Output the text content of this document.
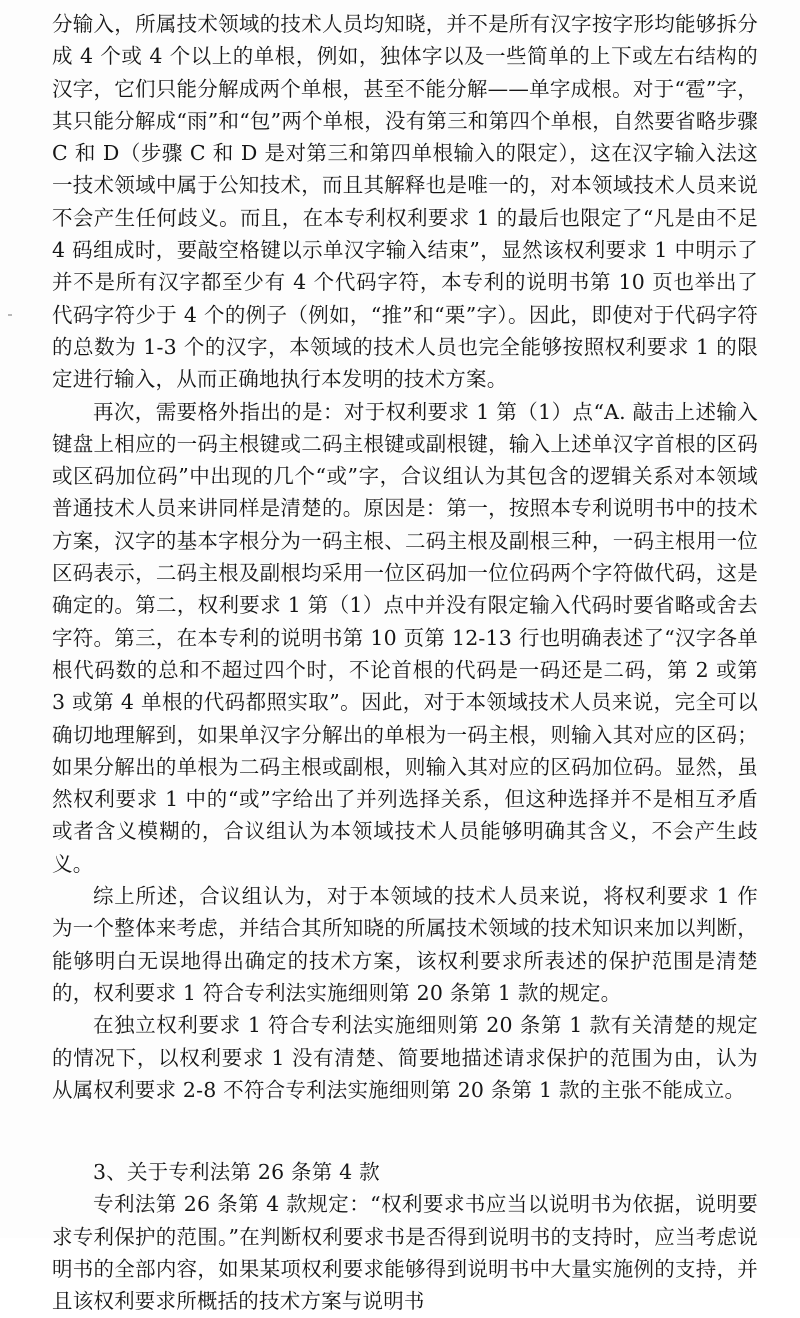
分输入，所属技术领域的技术人员均知晓，并不是所有汉字按字形均能够拆分成 4 个或 4 个以上的单根，例如，独体字以及一些简单的上下或左右结构的汉字，它们只能分解成两个单根，甚至不能分解——单字成根。对于“雹”字，其只能分解成“雨”和“包”两个单根，没有第三和第四个单根，自然要省略步骤 C 和 D（步骤 C 和 D 是对第三和第四单根输入的限定），这在汉字输入法这一技术领域中属于公知技术，而且其解释也是唯一的，对本领域技术人员来说不会产生任何歧义。而且，在本专利权利要求 1 的最后也限定了“凡是由不足 4 码组成时，要敲空格键以示单汉字输入结束”，显然该权利要求 1 中明示了并不是所有汉字都至少有 4 个代码字符，本专利的说明书第 10 页也举出了代码字符少于 4 个的例子（例如，“推”和“栗”字）。因此，即使对于代码字符的总数为 1-3 个的汉字，本领域的技术人员也完全能够按照权利要求 1 的限定进行输入，从而正确地执行本发明的技术方案。

再次，需要格外指出的是：对于权利要求 1 第（1）点“A. 敲击上述输入键盘上相应的一码主根键或二码主根键或副根键，输入上述单汉字首根的区码或区码加位码”中出现的几个“或”字，合议组认为其包含的逻辑关系对本领域普通技术人员来讲同样是清楚的。原因是：第一，按照本专利说明书中的技术方案，汉字的基本字根分为一码主根、二码主根及副根三种，一码主根用一位区码表示，二码主根及副根均采用一位区码加一位位码两个字符做代码，这是确定的。第二，权利要求 1 第（1）点中并没有限定输入代码时要省略或舍去字符。第三，在本专利的说明书第 10 页第 12-13 行也明确表述了“汉字各单根代码数的总和不超过四个时，不论首根的代码是一码还是二码，第 2 或第 3 或第 4 单根的代码都照实取”。因此，对于本领域技术人员来说，完全可以确切地理解到，如果单汉字分解出的单根为一码主根，则输入其对应的区码；如果分解出的单根为二码主根或副根，则输入其对应的区码加位码。显然，虽然权利要求 1 中的“或”字给出了并列选择关系，但这种选择并不是相互矛盾或者含义模糊的，合议组认为本领域技术人员能够明确其含义，不会产生歧义。

综上所述，合议组认为，对于本领域的技术人员来说，将权利要求 1 作为一个整体来考虑，并结合其所知晓的所属技术领域的技术知识来加以判断，能够明白无误地得出确定的技术方案，该权利要求所表述的保护范围是清楚的，权利要求 1 符合专利法实施细则第 20 条第 1 款的规定。

在独立权利要求 1 符合专利法实施细则第 20 条第 1 款有关清楚的规定的情况下，以权利要求 1 没有清楚、简要地描述请求保护的范围为由，认为从属权利要求 2-8 不符合专利法实施细则第 20 条第 1 款的主张不能成立。

3、关于专利法第 26 条第 4 款

专利法第 26 条第 4 款规定：“权利要求书应当以说明书为依据，说明要求专利保护的范围。”在判断权利要求书是否得到说明书的支持时，应当考虑说明书的全部内容，如果某项权利要求能够得到说明书中大量实施例的支持，并且该权利要求所概括的技术方案与说明书
